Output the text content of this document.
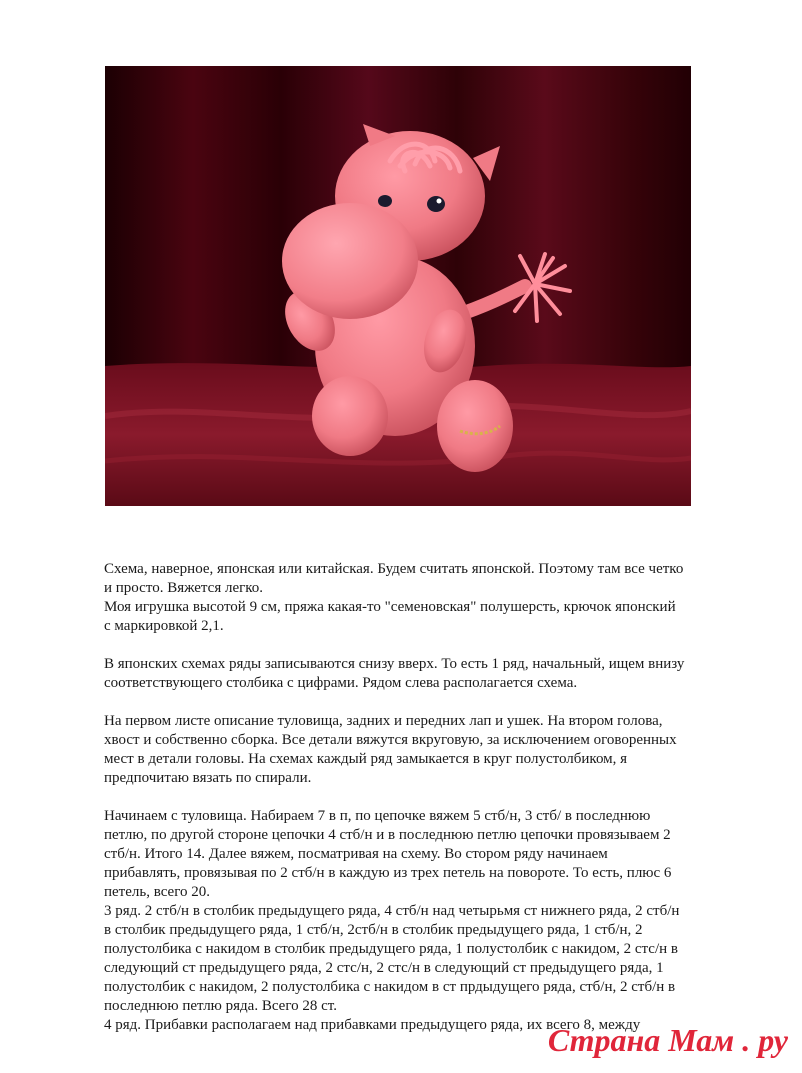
Схема, наверное, японская или китайская. Будем считать японской. Поэтому там все четко
и просто. Вяжется легко.
Моя игрушка высотой 9 см, пряжа какая-то "семеновская" полушерсть, крючок японский
с маркировкой 2,1.

В японских схемах ряды записываются снизу вверх. То есть 1 ряд, начальный, ищем внизу
соответствующего столбика с цифрами. Рядом слева располагается схема.

На первом листе описание туловища, задних и передних лап и ушек. На втором голова,
хвост и собственно сборка. Все детали вяжутся вкруговую, за исключением оговоренных
мест в детали головы. На схемах каждый ряд замыкается в круг полустолбиком, я
предпочитаю вязать по спирали.

Начинаем с туловища. Набираем 7 в п, по цепочке вяжем 5 стб/н, 3 стб/ в последнюю
петлю, по другой стороне цепочки 4 стб/н и в последнюю петлю цепочки провязываем 2
стб/н. Итого 14. Далее вяжем, посматривая на схему. Во стором ряду начинаем
прибавлять, провязывая по 2 стб/н в каждую из трех петель на повороте. То есть, плюс 6
петель, всего 20.
3 ряд. 2 стб/н в столбик предыдущего ряда, 4 стб/н над четырьмя ст нижнего ряда, 2 стб/н
в столбик предыдущего ряда, 1 стб/н, 2стб/н в столбик предыдущего ряда, 1 стб/н, 2
полустолбика с накидом в столбик предыдущего ряда, 1 полустолбик с накидом, 2 стс/н в
следующий ст предыдущего ряда, 2 стс/н, 2 стс/н в следующий ст предыдущего ряда, 1
полустолбик с накидом, 2 полустолбика с накидом в ст прдыдущего ряда, стб/н, 2 стб/н в
последнюю петлю ряда. Всего 28 ст.
4 ряд. Прибавки располагаем над прибавками предыдущего ряда, их всего 8, между

Страна Мам . ру
